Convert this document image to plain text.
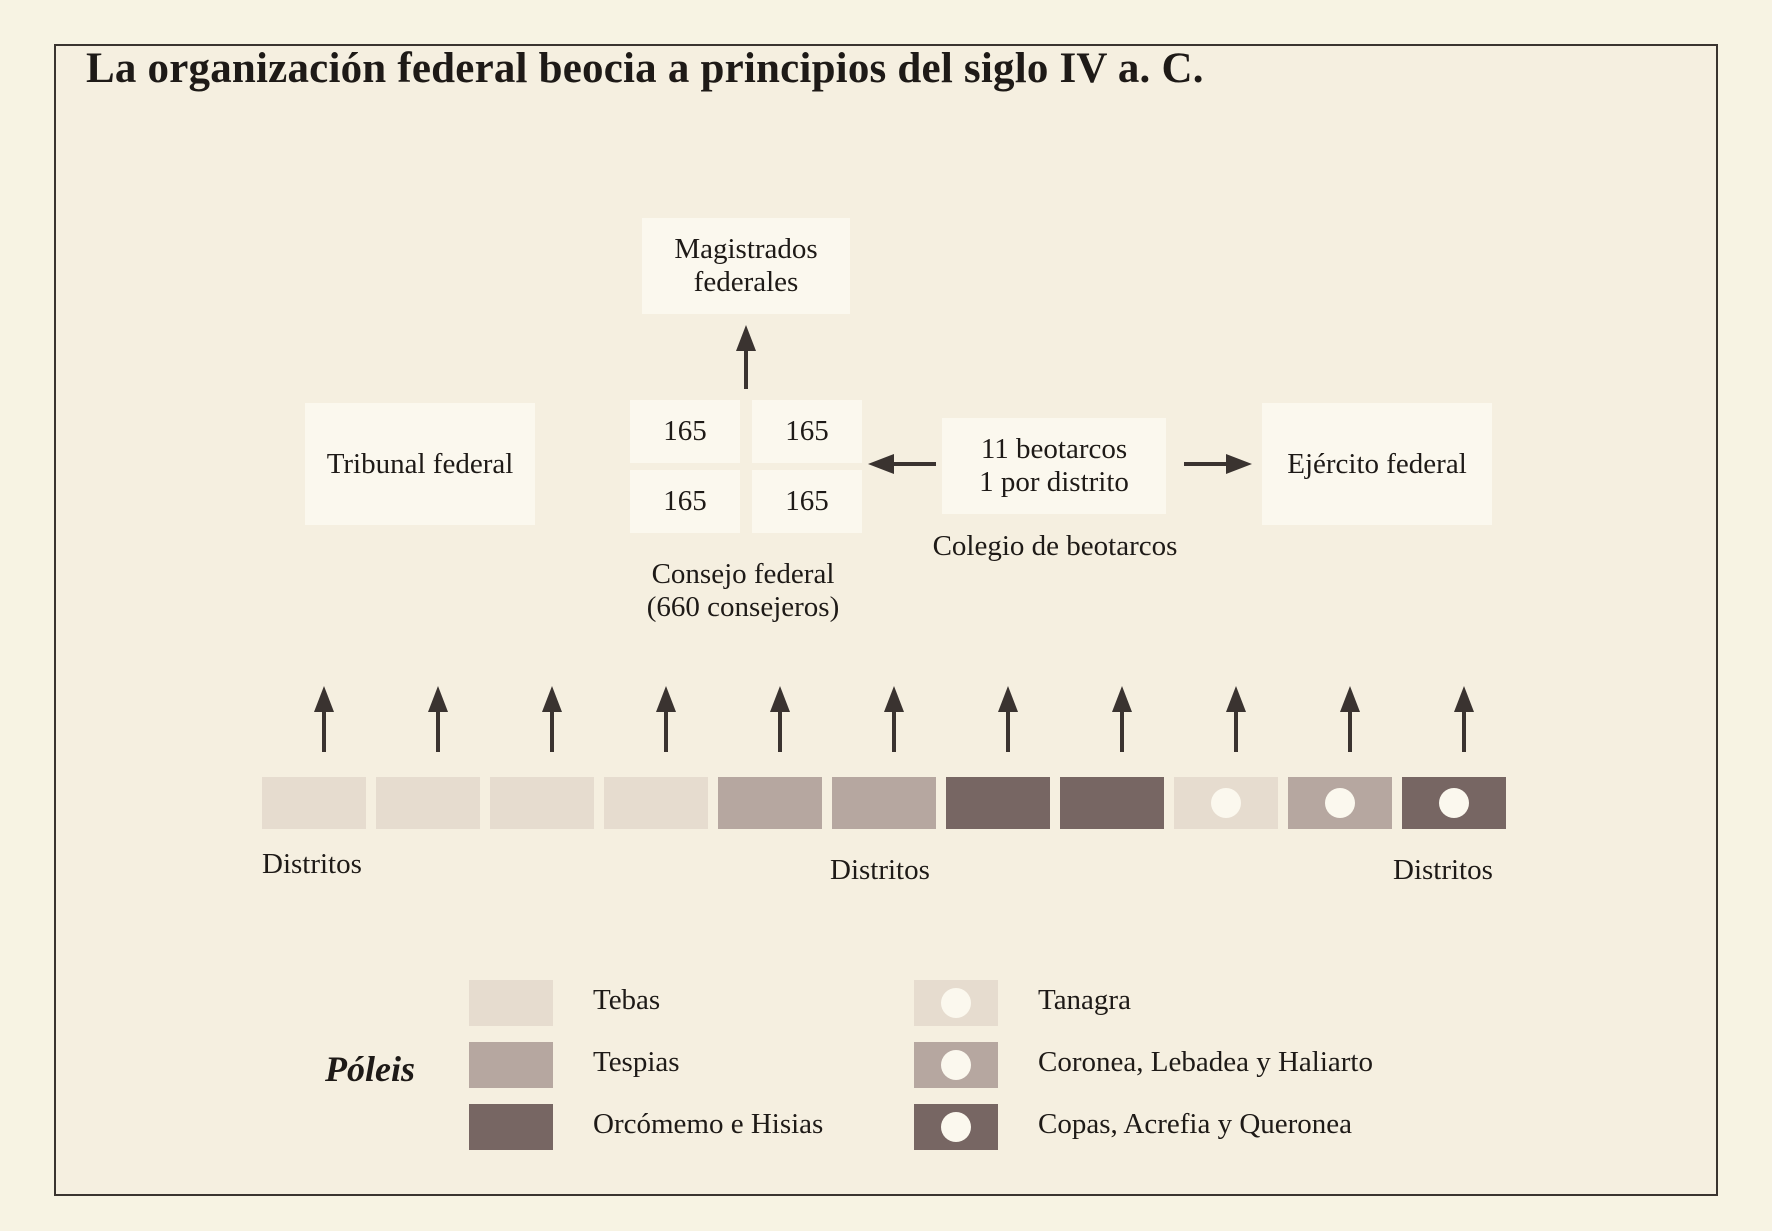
La organización federal beocia a principios del siglo IV a. C.
Magistrados
federales
Tribunal federal
165	165
165	165
Consejo federal
(660 consejeros)
11 beotarcos
1 por distrito
Colegio de beotarcos
Ejército federal
Distritos	Distritos	Distritos
Póleis
Tebas
Tespias
Orcómemo e Hisias
Tanagra
Coronea, Lebadea y Haliarto
Copas, Acrefia y Queronea
